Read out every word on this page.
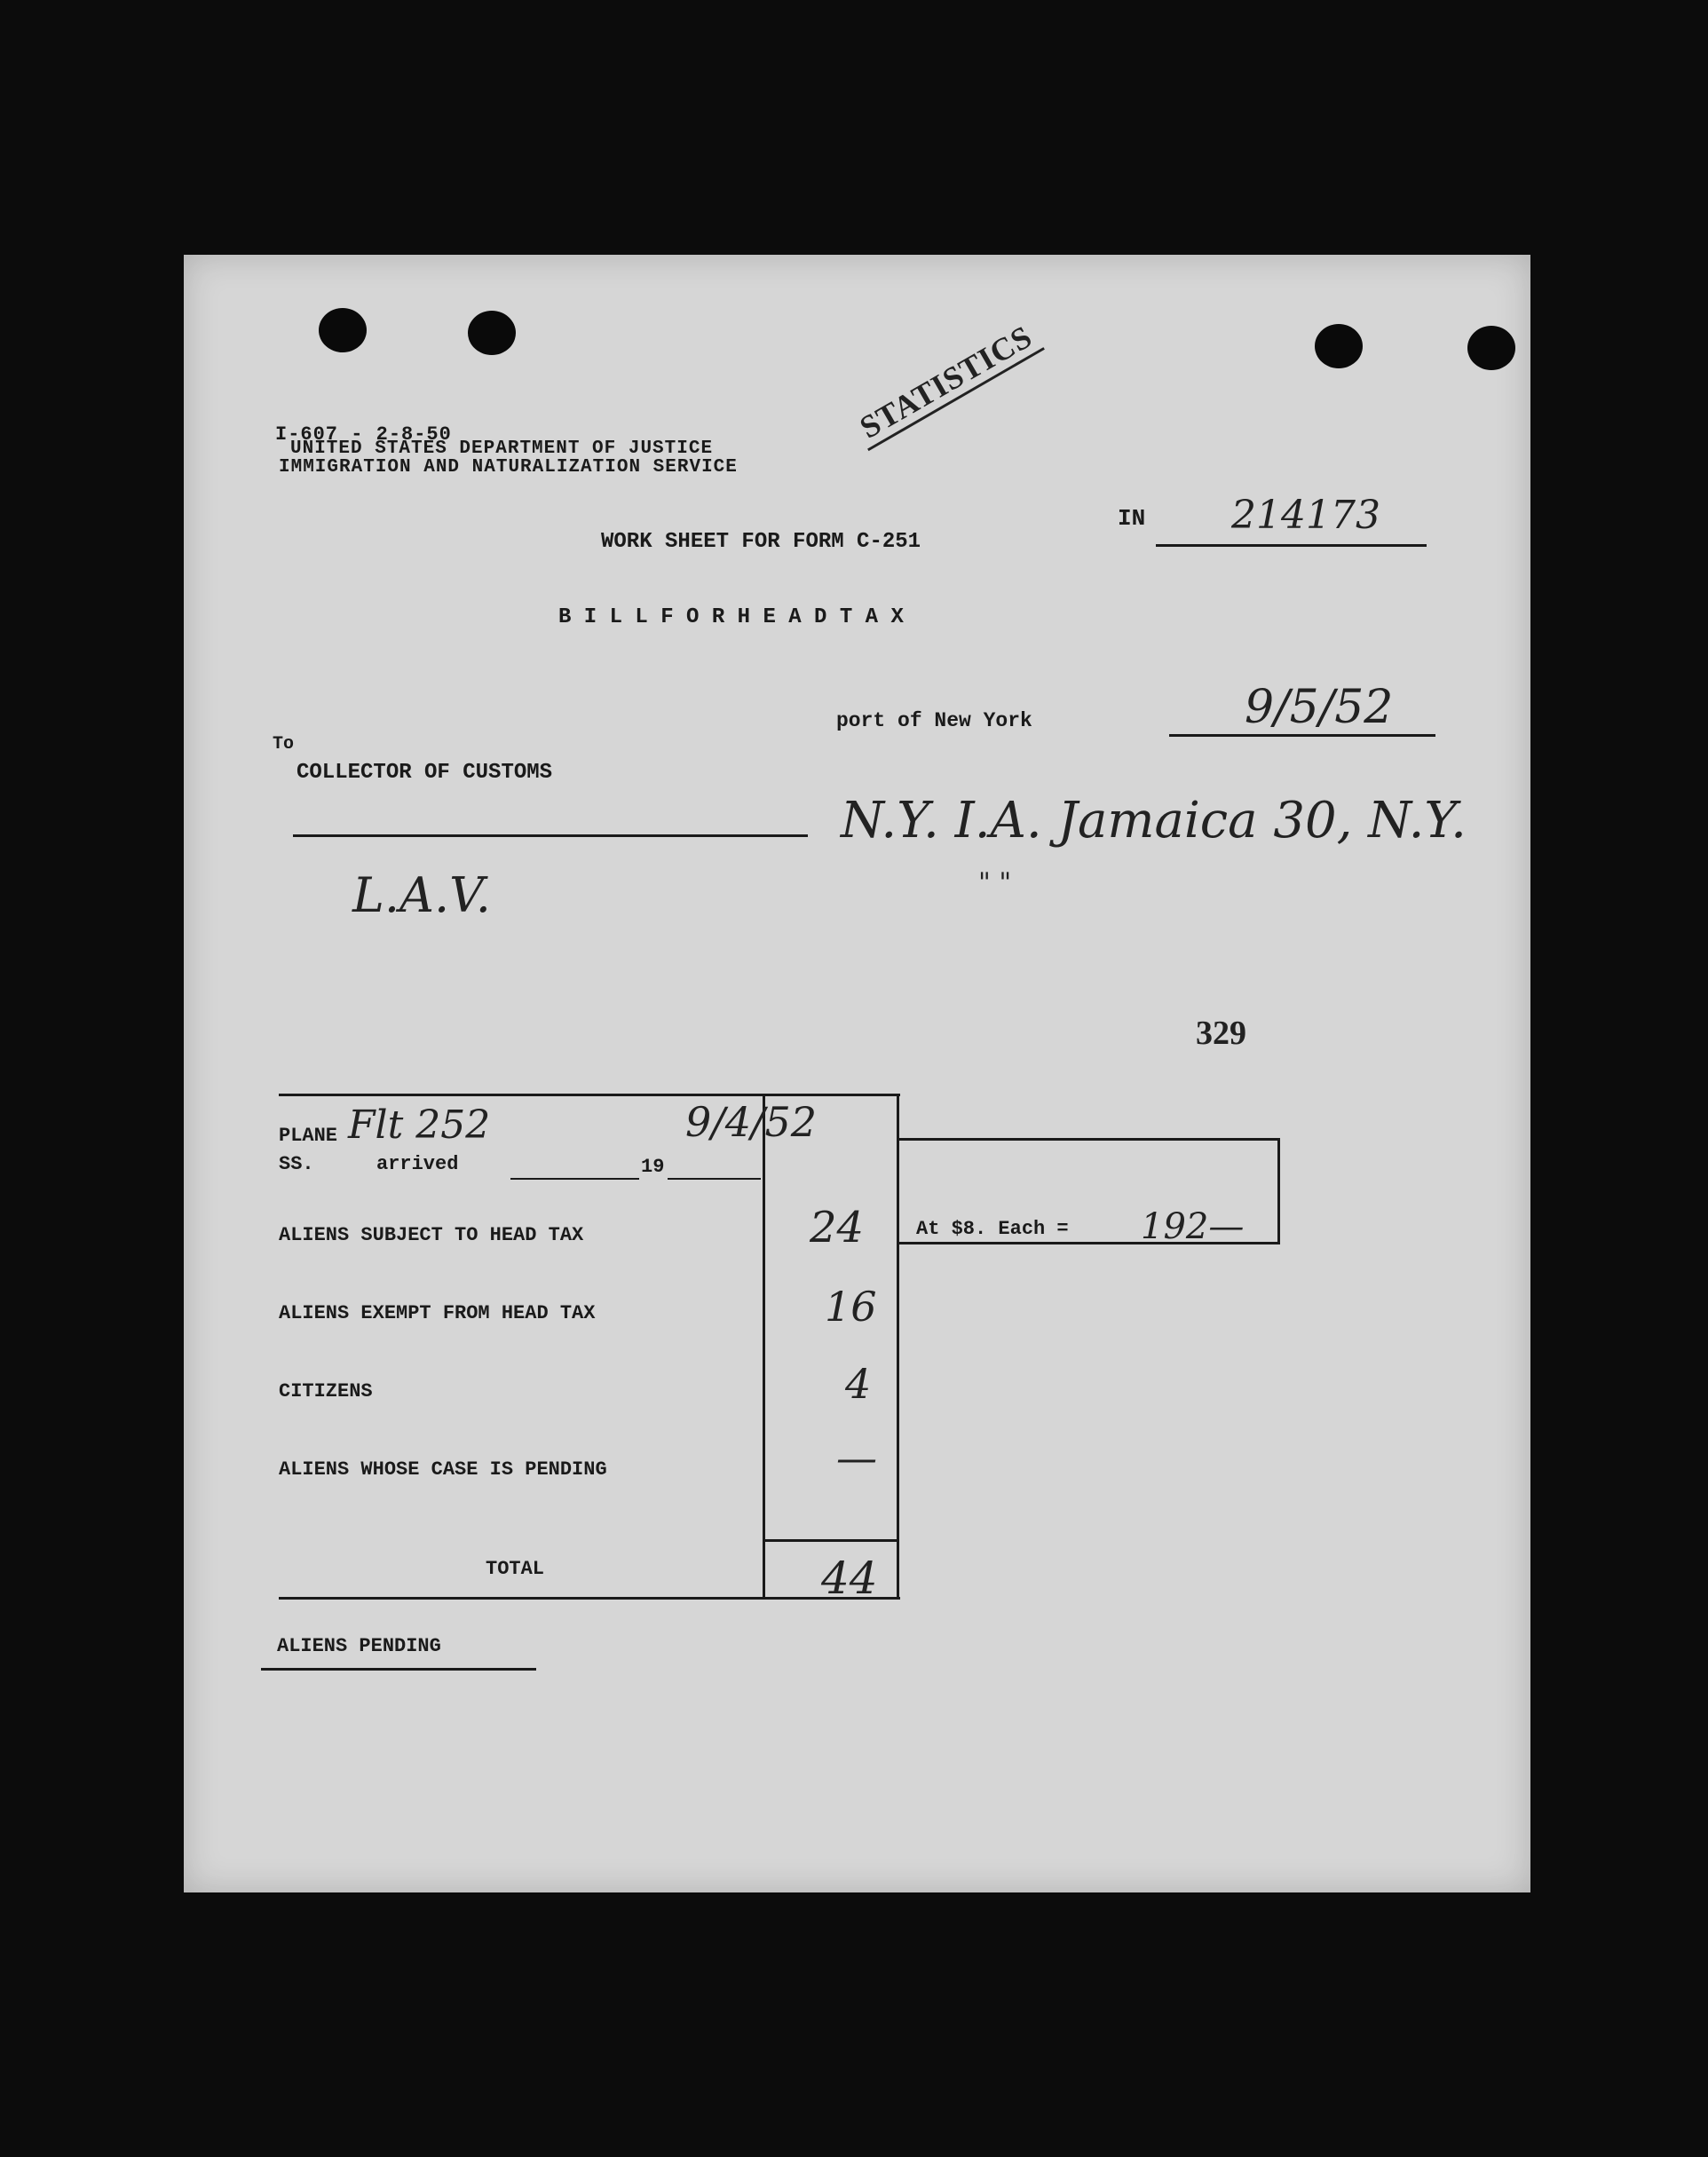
STATISTICS
I-607 - 2-8-50
UNITED STATES DEPARTMENT OF JUSTICE
IMMIGRATION AND NATURALIZATION SERVICE
IN 214173
WORK SHEET FOR FORM C-251
B I L L F O R H E A D T A X
port of New York	9/5/52
To
COLLECTOR OF CUSTOMS
N.Y. I.A. Jamaica 30, N.Y.
" "
L.A.V.
329
PLANE Flt 252
SS.	arrived	19
9/4/52
ALIENS SUBJECT TO HEAD TAX	24
ALIENS EXEMPT FROM HEAD TAX	16
CITIZENS	4
ALIENS WHOSE CASE IS PENDING	—
TOTAL	44
At $8. Each = 192—
ALIENS PENDING
